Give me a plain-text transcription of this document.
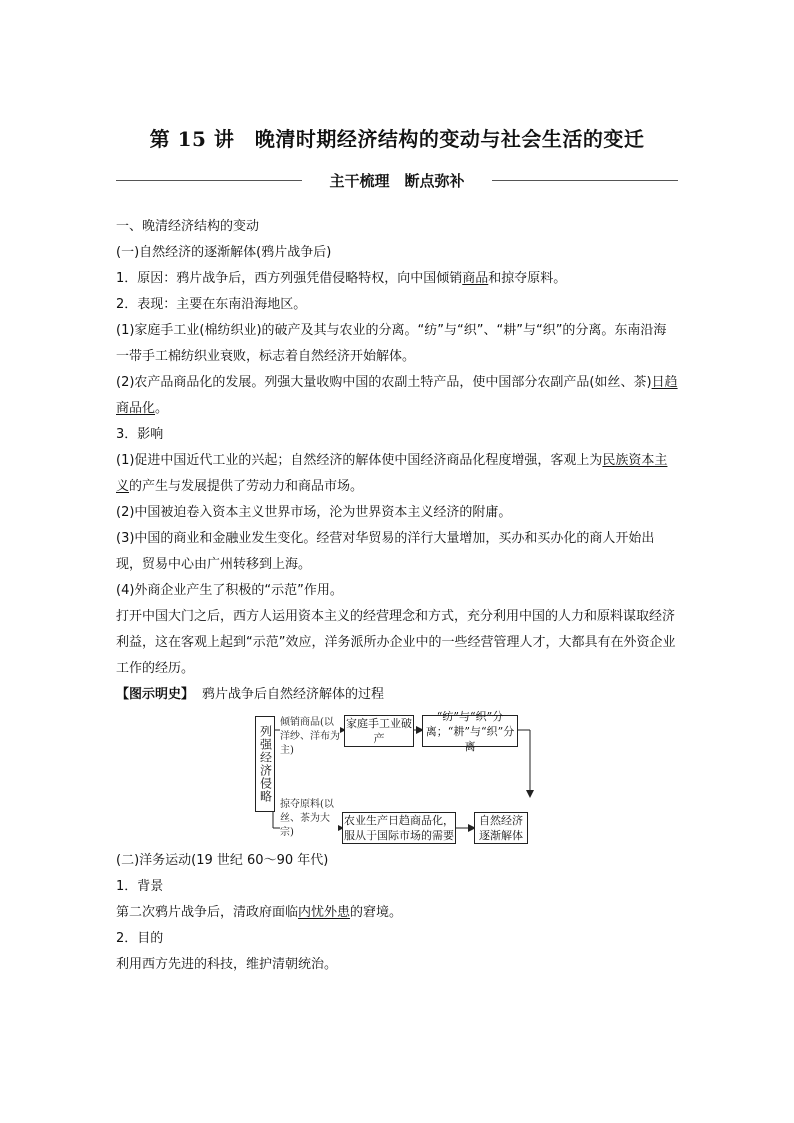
第 15 讲　晚清时期经济结构的变动与社会生活的变迁
主干梳理　断点弥补

一、晚清经济结构的变动

(一)自然经济的逐渐解体(鸦片战争后)

1．原因：鸦片战争后，西方列强凭借侵略特权，向中国倾销商品和掠夺原料。

2．表现：主要在东南沿海地区。

(1)家庭手工业(棉纺织业)的破产及其与农业的分离。“纺”与“织”、“耕”与“织”的分离。东南沿海一带手工棉纺织业衰败，标志着自然经济开始解体。

(2)农产品商品化的发展。列强大量收购中国的农副土特产品，使中国部分农副产品(如丝、茶)日趋商品化。

3．影响

(1)促进中国近代工业的兴起；自然经济的解体使中国经济商品化程度增强，客观上为民族资本主义的产生与发展提供了劳动力和商品市场。

(2)中国被迫卷入资本主义世界市场，沦为世界资本主义经济的附庸。

(3)中国的商业和金融业发生变化。经营对华贸易的洋行大量增加，买办和买办化的商人开始出现，贸易中心由广州转移到上海。

(4)外商企业产生了积极的“示范”作用。

打开中国大门之后，西方人运用资本主义的经营理念和方式，充分利用中国的人力和原料谋取经济利益，这在客观上起到“示范”效应，洋务派所办企业中的一些经营管理人才，大都具有在外资企业工作的经历。

【图示明史】 鸦片战争后自然经济解体的过程

列强经济侵略
倾销商品(以洋纱、洋布为主)
掠夺原料(以丝、茶为大宗)
家庭手工业破产
“纺”与“织”分离；“耕”与“织”分离
农业生产日趋商品化，服从于国际市场的需要
自然经济逐渐解体

(二)洋务运动(19 世纪 60～90 年代)

1．背景

第二次鸦片战争后，清政府面临内忧外患的窘境。

2．目的

利用西方先进的科技，维护清朝统治。
